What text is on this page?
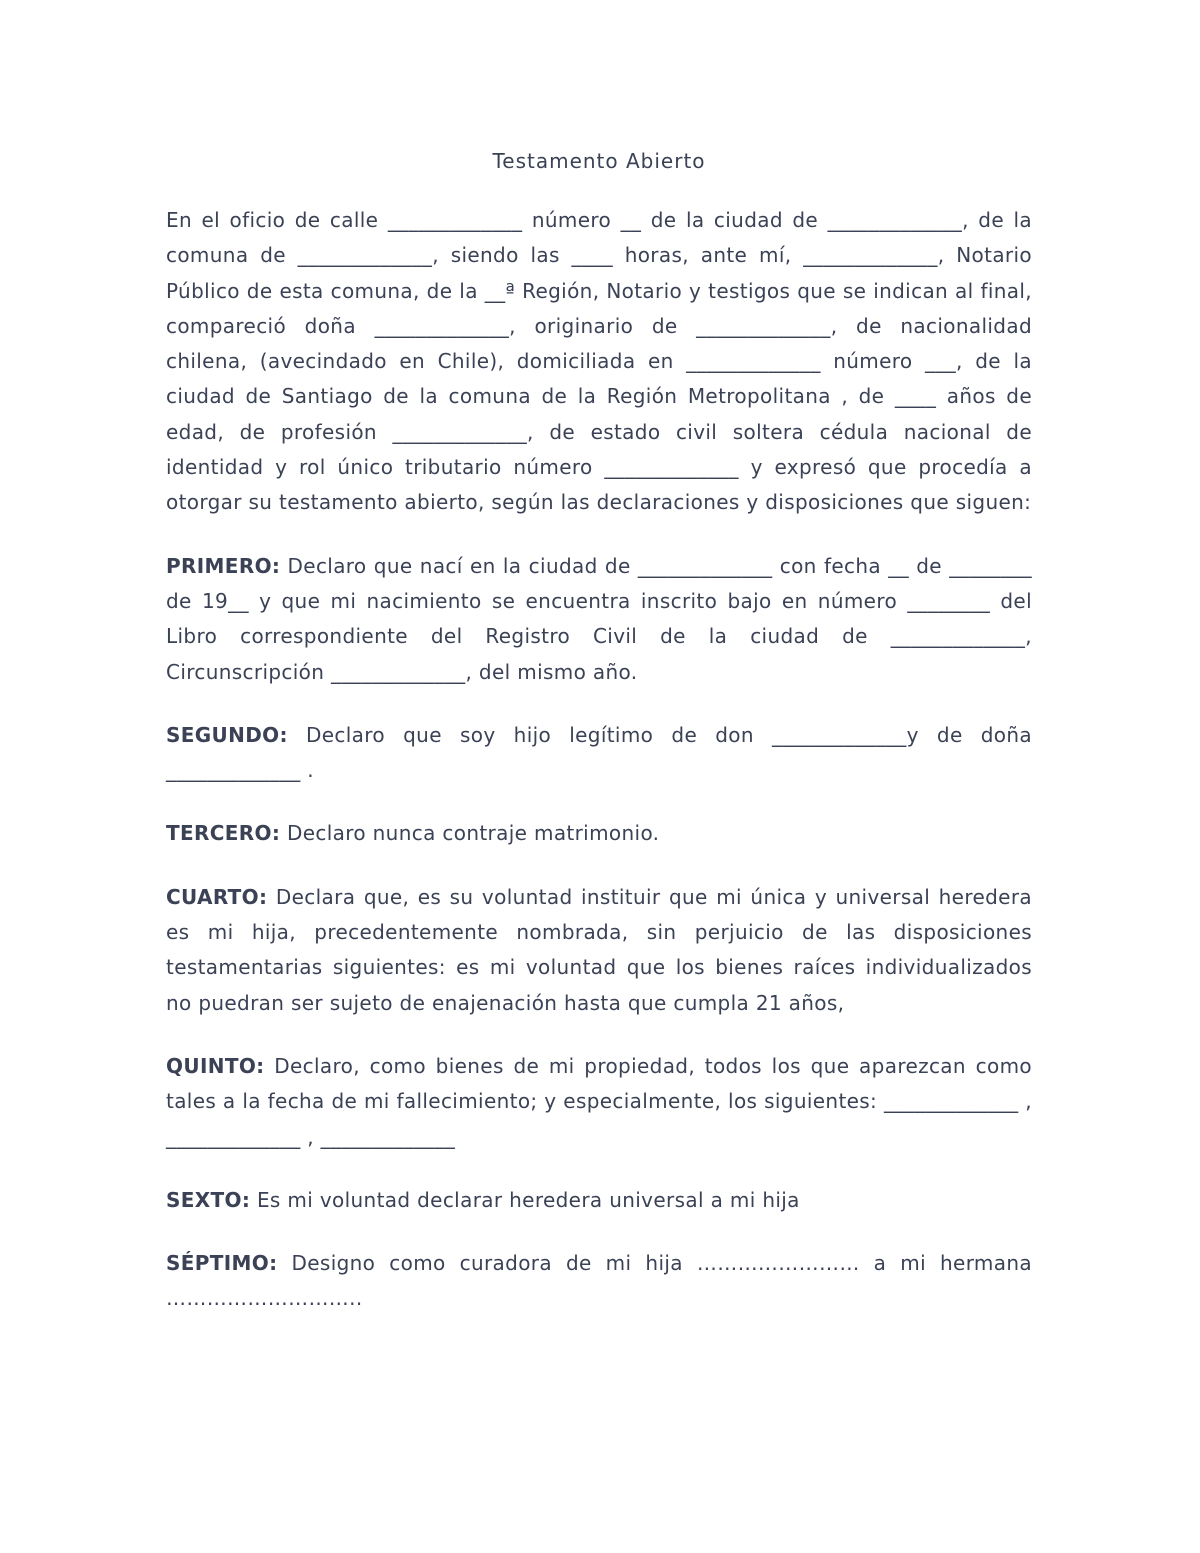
Testamento Abierto

En el oficio de calle _____________ número __ de la ciudad de _____________, de la comuna de _____________, siendo las ____ horas, ante mí, _____________, Notario Público de esta comuna, de la __ª Región, Notario y testigos que se indican al final, compareció doña _____________, originario de _____________, de nacionalidad chilena, (avecindado en Chile), domiciliada en _____________ número ___, de la ciudad de Santiago de la comuna de la Región Metropolitana , de ____ años de edad, de profesión _____________, de estado civil soltera cédula nacional de identidad y rol único tributario número _____________ y expresó que procedía a otorgar su testamento abierto, según las declaraciones y disposiciones que siguen:

PRIMERO: Declaro que nací en la ciudad de _____________ con fecha __ de ________ de 19__ y que mi nacimiento se encuentra inscrito bajo en número ________ del Libro correspondiente del Registro Civil de la ciudad de _____________, Circunscripción _____________, del mismo año.

SEGUNDO: Declaro que soy hijo legítimo de don _____________y de doña _____________ .

TERCERO: Declaro nunca contraje matrimonio.

CUARTO: Declara que, es su voluntad instituir que mi única y universal heredera es mi hija, precedentemente nombrada, sin perjuicio de las disposiciones testamentarias siguientes: es mi voluntad que los bienes raíces individualizados no puedran ser sujeto de enajenación hasta que cumpla 21 años,

QUINTO: Declaro, como bienes de mi propiedad, todos los que aparezcan como tales a la fecha de mi fallecimiento; y especialmente, los siguientes: _____________ , _____________ , _____________

SEXTO: Es mi voluntad declarar heredera universal a mi hija

SÉPTIMO: Designo como curadora de mi hija …………………… a mi hermana ………………………..
